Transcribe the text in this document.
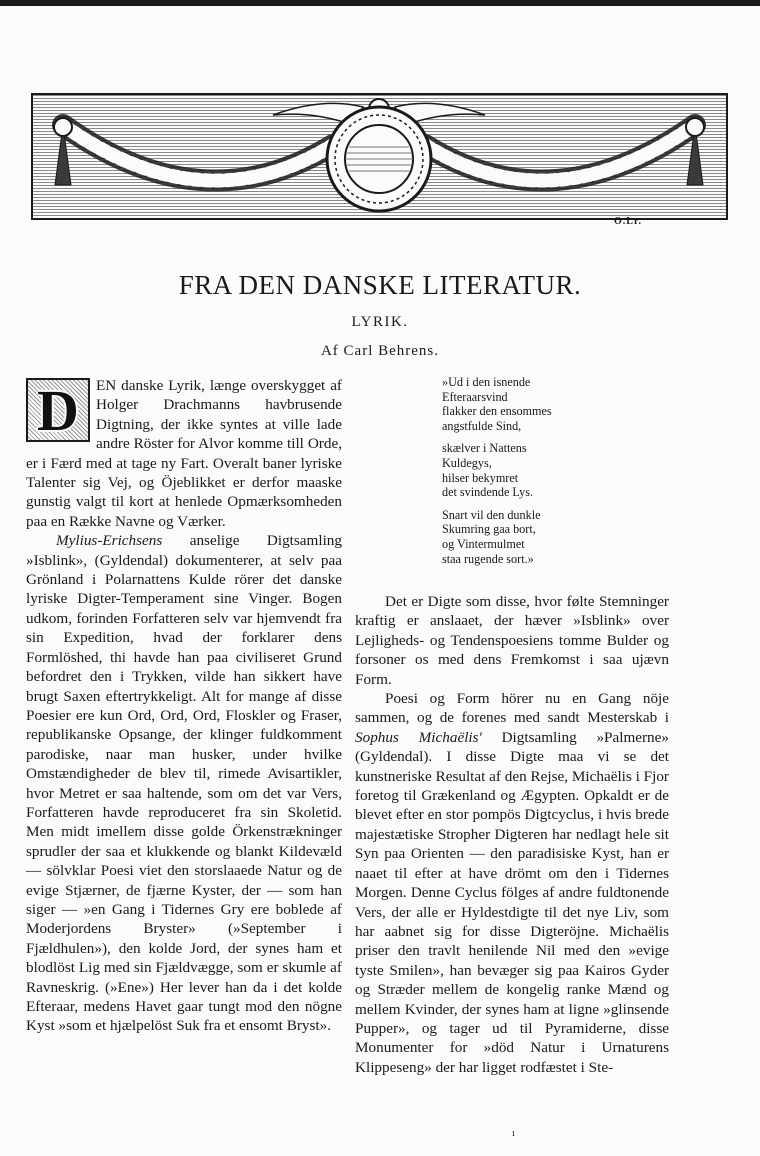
O.Lr.
FRA DEN DANSKE LITERATUR.
LYRIK.
Af Carl Behrens.

D	EN danske Lyrik, længe overskygget af Holger Drachmanns havbrusende Digtning, der ikke syntes at ville lade andre Röster for Alvor komme till Orde, er i Færd med at tage ny Fart. Overalt baner lyriske Talenter sig Vej, og Öjeblikket er derfor maaske gunstig valgt til kort at henlede Opmærksomheden paa en Række Navne og Værker.

Mylius-Erichsens anselige Digtsamling »Isblink», (Gyldendal) dokumenterer, at selv paa Grönland i Polarnattens Kulde rörer det danske lyriske Digter-Temperament sine Vinger. Bogen udkom, forinden Forfatteren selv var hjemvendt fra sin Expedition, hvad der forklarer dens Formlöshed, thi havde han paa civiliseret Grund befordret den i Trykken, vilde han sikkert have brugt Saxen eftertrykkeligt. Alt for mange af disse Poesier ere kun Ord, Ord, Ord, Floskler og Fraser, republikanske Opsange, der klinger fuldkomment parodiske, naar man husker, under hvilke Omstændigheder de blev til, rimede Avisartikler, hvor Metret er saa haltende, som om det var Vers, Forfatteren havde reproduceret fra sin Skoletid. Men midt imellem disse golde Örkenstrækninger sprudler der saa et klukkende og blankt Kildevæld — sölvklar Poesi viet den storslaaede Natur og de evige Stjærner, de fjærne Kyster, der — som han siger — »en Gang i Tidernes Gry ere boblede af Moderjordens Bryster» (»September i Fjældhulen»), den kolde Jord, der synes ham et blodlöst Lig med sin Fjældvægge, som er skumle af Ravneskrig. (»Ene») Her lever han da i det kolde Efteraar, medens Havet gaar tungt mod den nögne Kyst »som et hjælpelöst Suk fra et ensomt Bryst».

»Ud i den isnende
Efteraarsvind
flakker den ensommes
angstfulde Sind,
skælver i Nattens
Kuldegys,
hilser bekymret
det svindende Lys.
Snart vil den dunkle
Skumring gaa bort,
og Vintermulmet
staa rugende sort.»

Det er Digte som disse, hvor følte Stemninger kraftig er anslaaet, der hæver »Isblink» over Lejligheds- og Tendenspoesiens tomme Bulder og forsoner os med dens Fremkomst i saa ujævn Form.

Poesi og Form hörer nu en Gang nöje sammen, og de forenes med sandt Mesterskab i Sophus Michaëlis' Digtsamling »Palmerne» (Gyldendal). I disse Digte maa vi se det kunstneriske Resultat af den Rejse, Michaëlis i Fjor foretog til Grækenland og Ægypten. Opkaldt er de blevet efter en stor pompös Digtcyclus, i hvis brede majestætiske Stropher Digteren har nedlagt hele sit Syn paa Orienten — den paradisiske Kyst, han er naaet til efter at have drömt om den i Tidernes Morgen. Denne Cyclus fölges af andre fuldtonende Vers, der alle er Hyldestdigte til det nye Liv, som har aabnet sig for disse Digteröjne. Michaëlis priser den travlt henilende Nil med den »evige tyste Smilen», han bevæger sig paa Kairos Gyder og Stræder mellem de kongelig ranke Mænd og mellem Kvinder, der synes ham at ligne »glinsende Pupper», og tager ud til Pyramiderne, disse Monumenter for »död Natur i Urnaturens Klippeseng» der har ligget rodfæstet i Ste-

ı
